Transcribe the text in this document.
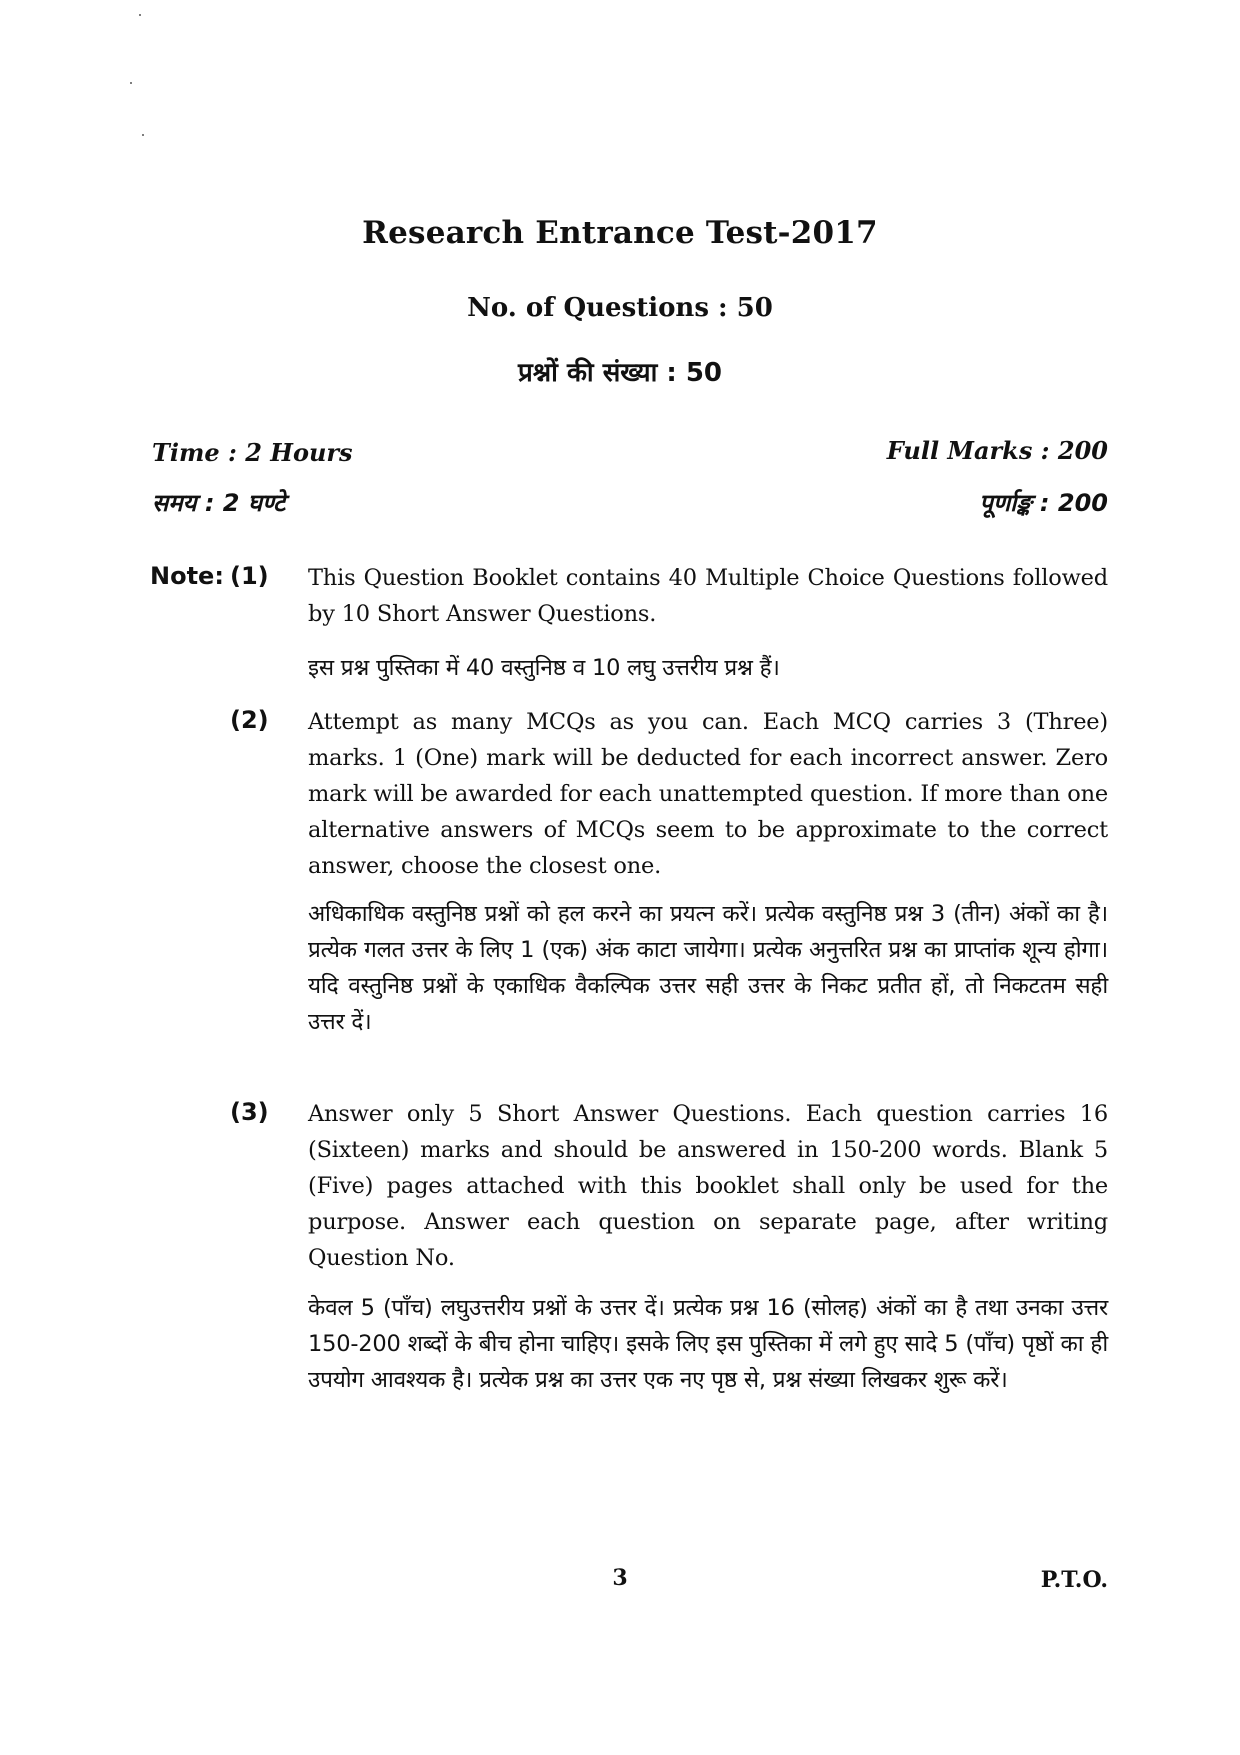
Research Entrance Test-2017
No. of Questions : 50
प्रश्नों की संख्या : 50
Time : 2 Hours
समय : 2 घण्टे
Full Marks : 200
पूर्णाङ्क : 200
Note: (1) This Question Booklet contains 40 Multiple Choice Questions followed by 10 Short Answer Questions.
इस प्रश्न पुस्तिका में 40 वस्तुनिष्ठ व 10 लघु उत्तरीय प्रश्न हैं।
(2) Attempt as many MCQs as you can. Each MCQ carries 3 (Three) marks. 1 (One) mark will be deducted for each incorrect answer. Zero mark will be awarded for each unattempted question. If more than one alternative answers of MCQs seem to be approximate to the correct answer, choose the closest one.
अधिकाधिक वस्तुनिष्ठ प्रश्नों को हल करने का प्रयत्न करें। प्रत्येक वस्तुनिष्ठ प्रश्न 3 (तीन) अंकों का है। प्रत्येक गलत उत्तर के लिए 1 (एक) अंक काटा जायेगा। प्रत्येक अनुत्तरित प्रश्न का प्राप्तांक शून्य होगा। यदि वस्तुनिष्ठ प्रश्नों के एकाधिक वैकल्पिक उत्तर सही उत्तर के निकट प्रतीत हों, तो निकटतम सही उत्तर दें।
(3) Answer only 5 Short Answer Questions. Each question carries 16 (Sixteen) marks and should be answered in 150-200 words. Blank 5 (Five) pages attached with this booklet shall only be used for the purpose. Answer each question on separate page, after writing Question No.
केवल 5 (पाँच) लघुउत्तरीय प्रश्नों के उत्तर दें। प्रत्येक प्रश्न 16 (सोलह) अंकों का है तथा उनका उत्तर 150-200 शब्दों के बीच होना चाहिए। इसके लिए इस पुस्तिका में लगे हुए सादे 5 (पाँच) पृष्ठों का ही उपयोग आवश्यक है। प्रत्येक प्रश्न का उत्तर एक नए पृष्ठ से, प्रश्न संख्या लिखकर शुरू करें।
3	P.T.O.
